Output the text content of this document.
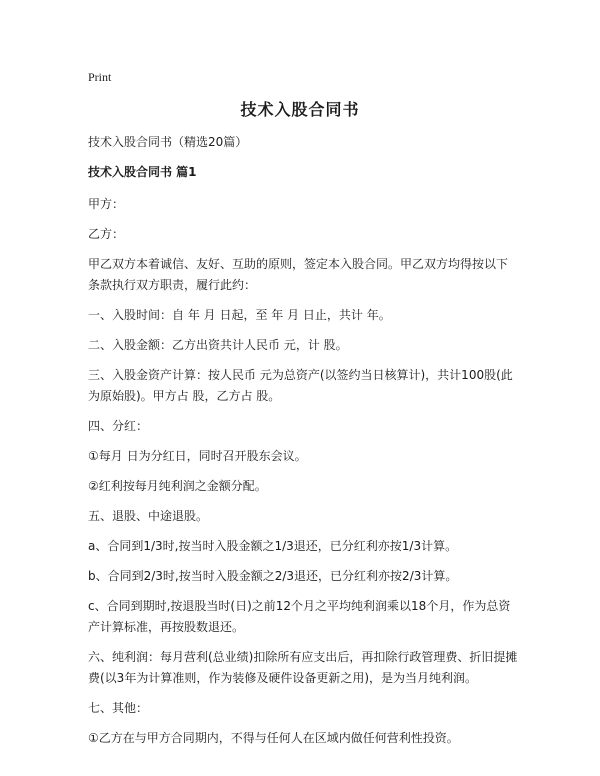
Print
技术入股合同书

技术入股合同书（精选20篇）

技术入股合同书 篇1

甲方：

乙方：

甲乙双方本着诚信、友好、互助的原则，签定本入股合同。甲乙双方均得按以下条款执行双方职责，履行此约：

一、入股时间：自 年 月 日起，至 年 月 日止，共计 年。

二、入股金额：乙方出资共计人民币 元，计 股。

三、入股金资产计算：按人民币 元为总资产(以签约当日核算计)，共计100股(此为原始股)。甲方占 股，乙方占 股。

四、分红：

①每月 日为分红日，同时召开股东会议。

②红利按每月纯利润之金额分配。

五、退股、中途退股。

a、合同到1/3时,按当时入股金额之1/3退还，已分红利亦按1/3计算。

b、合同到2/3时,按当时入股金额之2/3退还，已分红利亦按2/3计算。

c、合同到期时,按退股当时(日)之前12个月之平均纯利润乘以18个月，作为总资产计算标准，再按股数退还。

六、纯利润：每月营利(总业绩)扣除所有应支出后，再扣除行政管理费、折旧提摊费(以3年为计算准则，作为装修及硬件设备更新之用)，是为当月纯利润。

七、其他：

①乙方在与甲方合同期内，不得与任何人在区域内做任何营利性投资。
